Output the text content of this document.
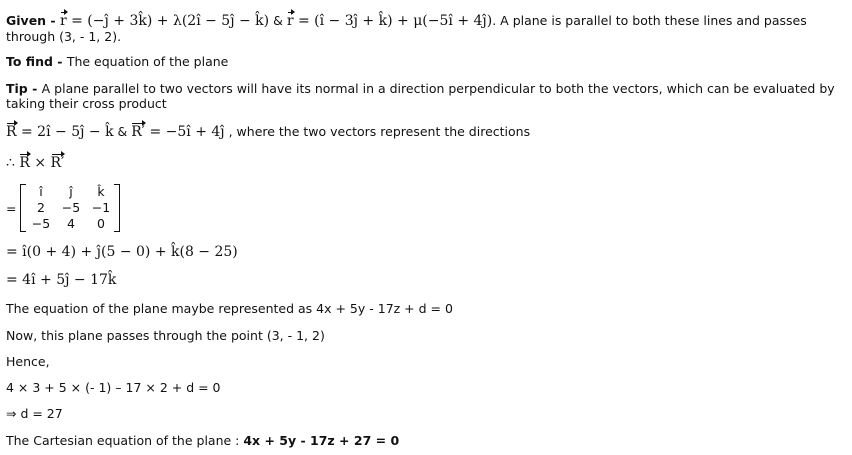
Given - r = (−ĵ + 3k̂) + λ(2î − 5ĵ − k̂) & r = (î − 3ĵ + k̂) + μ(−5î + 4ĵ). A plane is parallel to both these lines and passes through (3, - 1, 2).
To find - The equation of the plane
Tip - A plane parallel to two vectors will have its normal in a direction perpendicular to both the vectors, which can be evaluated by taking their cross product
R = 2î − 5ĵ − k̂ & R′ = −5î + 4ĵ , where the two vectors represent the directions
∴ R × R′
=
î	ĵ	k̂
2	−5 −1
−5	4	0
= î(0 + 4) + ĵ(5 − 0) + k̂(8 − 25)
= 4î + 5ĵ − 17k̂
The equation of the plane maybe represented as 4x + 5y - 17z + d = 0
Now, this plane passes through the point (3, - 1, 2)
Hence,
4 × 3 + 5 × (- 1) – 17 × 2 + d = 0
⇒ d = 27
The Cartesian equation of the plane : 4x + 5y - 17z + 27 = 0
